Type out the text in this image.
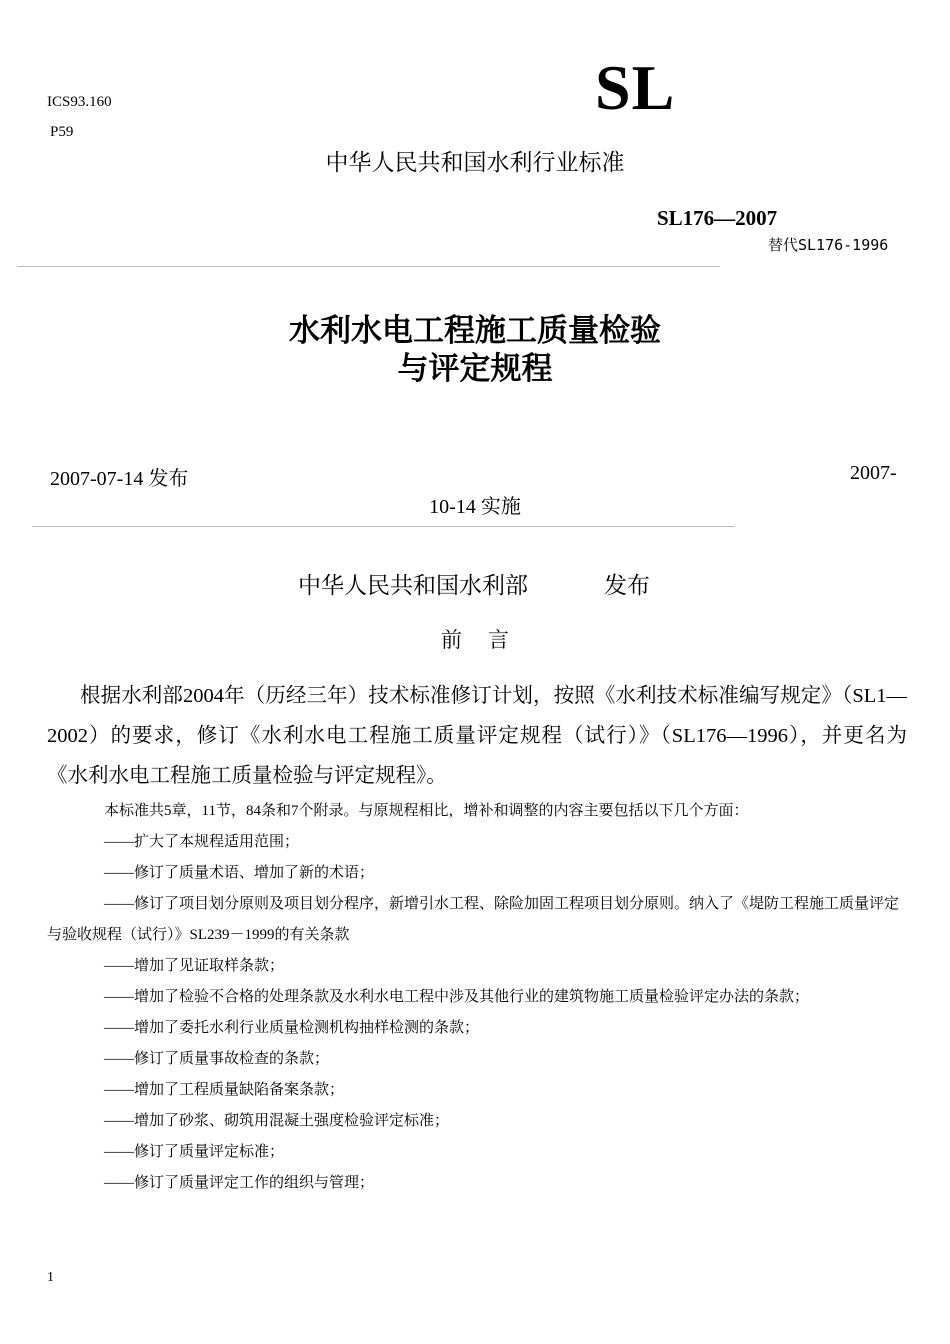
ICS93.160
P59
SL
中华人民共和国水利行业标准
SL176—2007
替代SL176-1996
水利水电工程施工质量检验
与评定规程
2007-07-14 发布	2007-
10-14 实施
中华人民共和国水利部	发布
前言
根据水利部2004年（历经三年）技术标准修订计划，按照《水利技术标准编写规定》（SL1—2002）的要求，修订《水利水电工程施工质量评定规程（试行）》（SL176—1996），并更名为《水利水电工程施工质量检验与评定规程》。
本标准共5章，11节，84条和7个附录。与原规程相比，增补和调整的内容主要包括以下几个方面：
——扩大了本规程适用范围；
——修订了质量术语、增加了新的术语；
——修订了项目划分原则及项目划分程序，新增引水工程、除险加固工程项目划分原则。纳入了《堤防工程施工质量评定与验收规程（试行）》SL239－1999的有关条款
——增加了见证取样条款；
——增加了检验不合格的处理条款及水利水电工程中涉及其他行业的建筑物施工质量检验评定办法的条款；
——增加了委托水利行业质量检测机构抽样检测的条款；
——修订了质量事故检查的条款；
——增加了工程质量缺陷备案条款；
——增加了砂浆、砌筑用混凝土强度检验评定标准；
——修订了质量评定标准；
——修订了质量评定工作的组织与管理；
1
